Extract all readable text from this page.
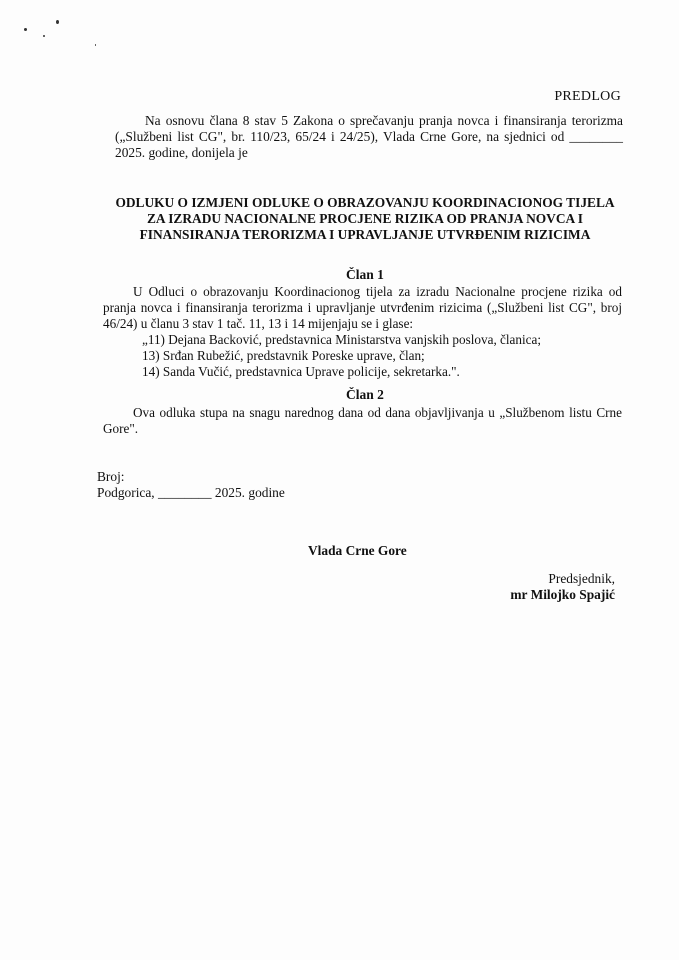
PREDLOG

Na osnovu člana 8 stav 5 Zakona o sprečavanju pranja novca i finansiranja terorizma („Službeni list CG", br. 110/23, 65/24 i 24/25), Vlada Crne Gore, na sjednici od ________ 2025. godine, donijela je

ODLUKU O IZMJENI ODLUKE O OBRAZOVANJU KOORDINACIONOG TIJELA
ZA IZRADU NACIONALNE PROCJENE RIZIKA OD PRANJA NOVCA I
FINANSIRANJA TERORIZMA I UPRAVLJANJE UTVRĐENIM RIZICIMA
Član 1

U Odluci o obrazovanju Koordinacionog tijela za izradu Nacionalne procjene rizika od pranja novca i finansiranja terorizma i upravljanje utvrđenim rizicima („Službeni list CG", broj 46/24) u članu 3 stav 1 tač. 11, 13 i 14 mijenjaju se i glase:

„11) Dejana Backović, predstavnica Ministarstva vanjskih poslova, članica;
13) Srđan Rubežić, predstavnik Poreske uprave, član;
14) Sanda Vučić, predstavnica Uprave policije, sekretarka.".
Član 2

Ova odluka stupa na snagu narednog dana od dana objavljivanja u „Službenom listu Crne Gore".

Broj:
Podgorica, ________ 2025. godine
Vlada Crne Gore
Predsjednik,
mr Milojko Spajić
